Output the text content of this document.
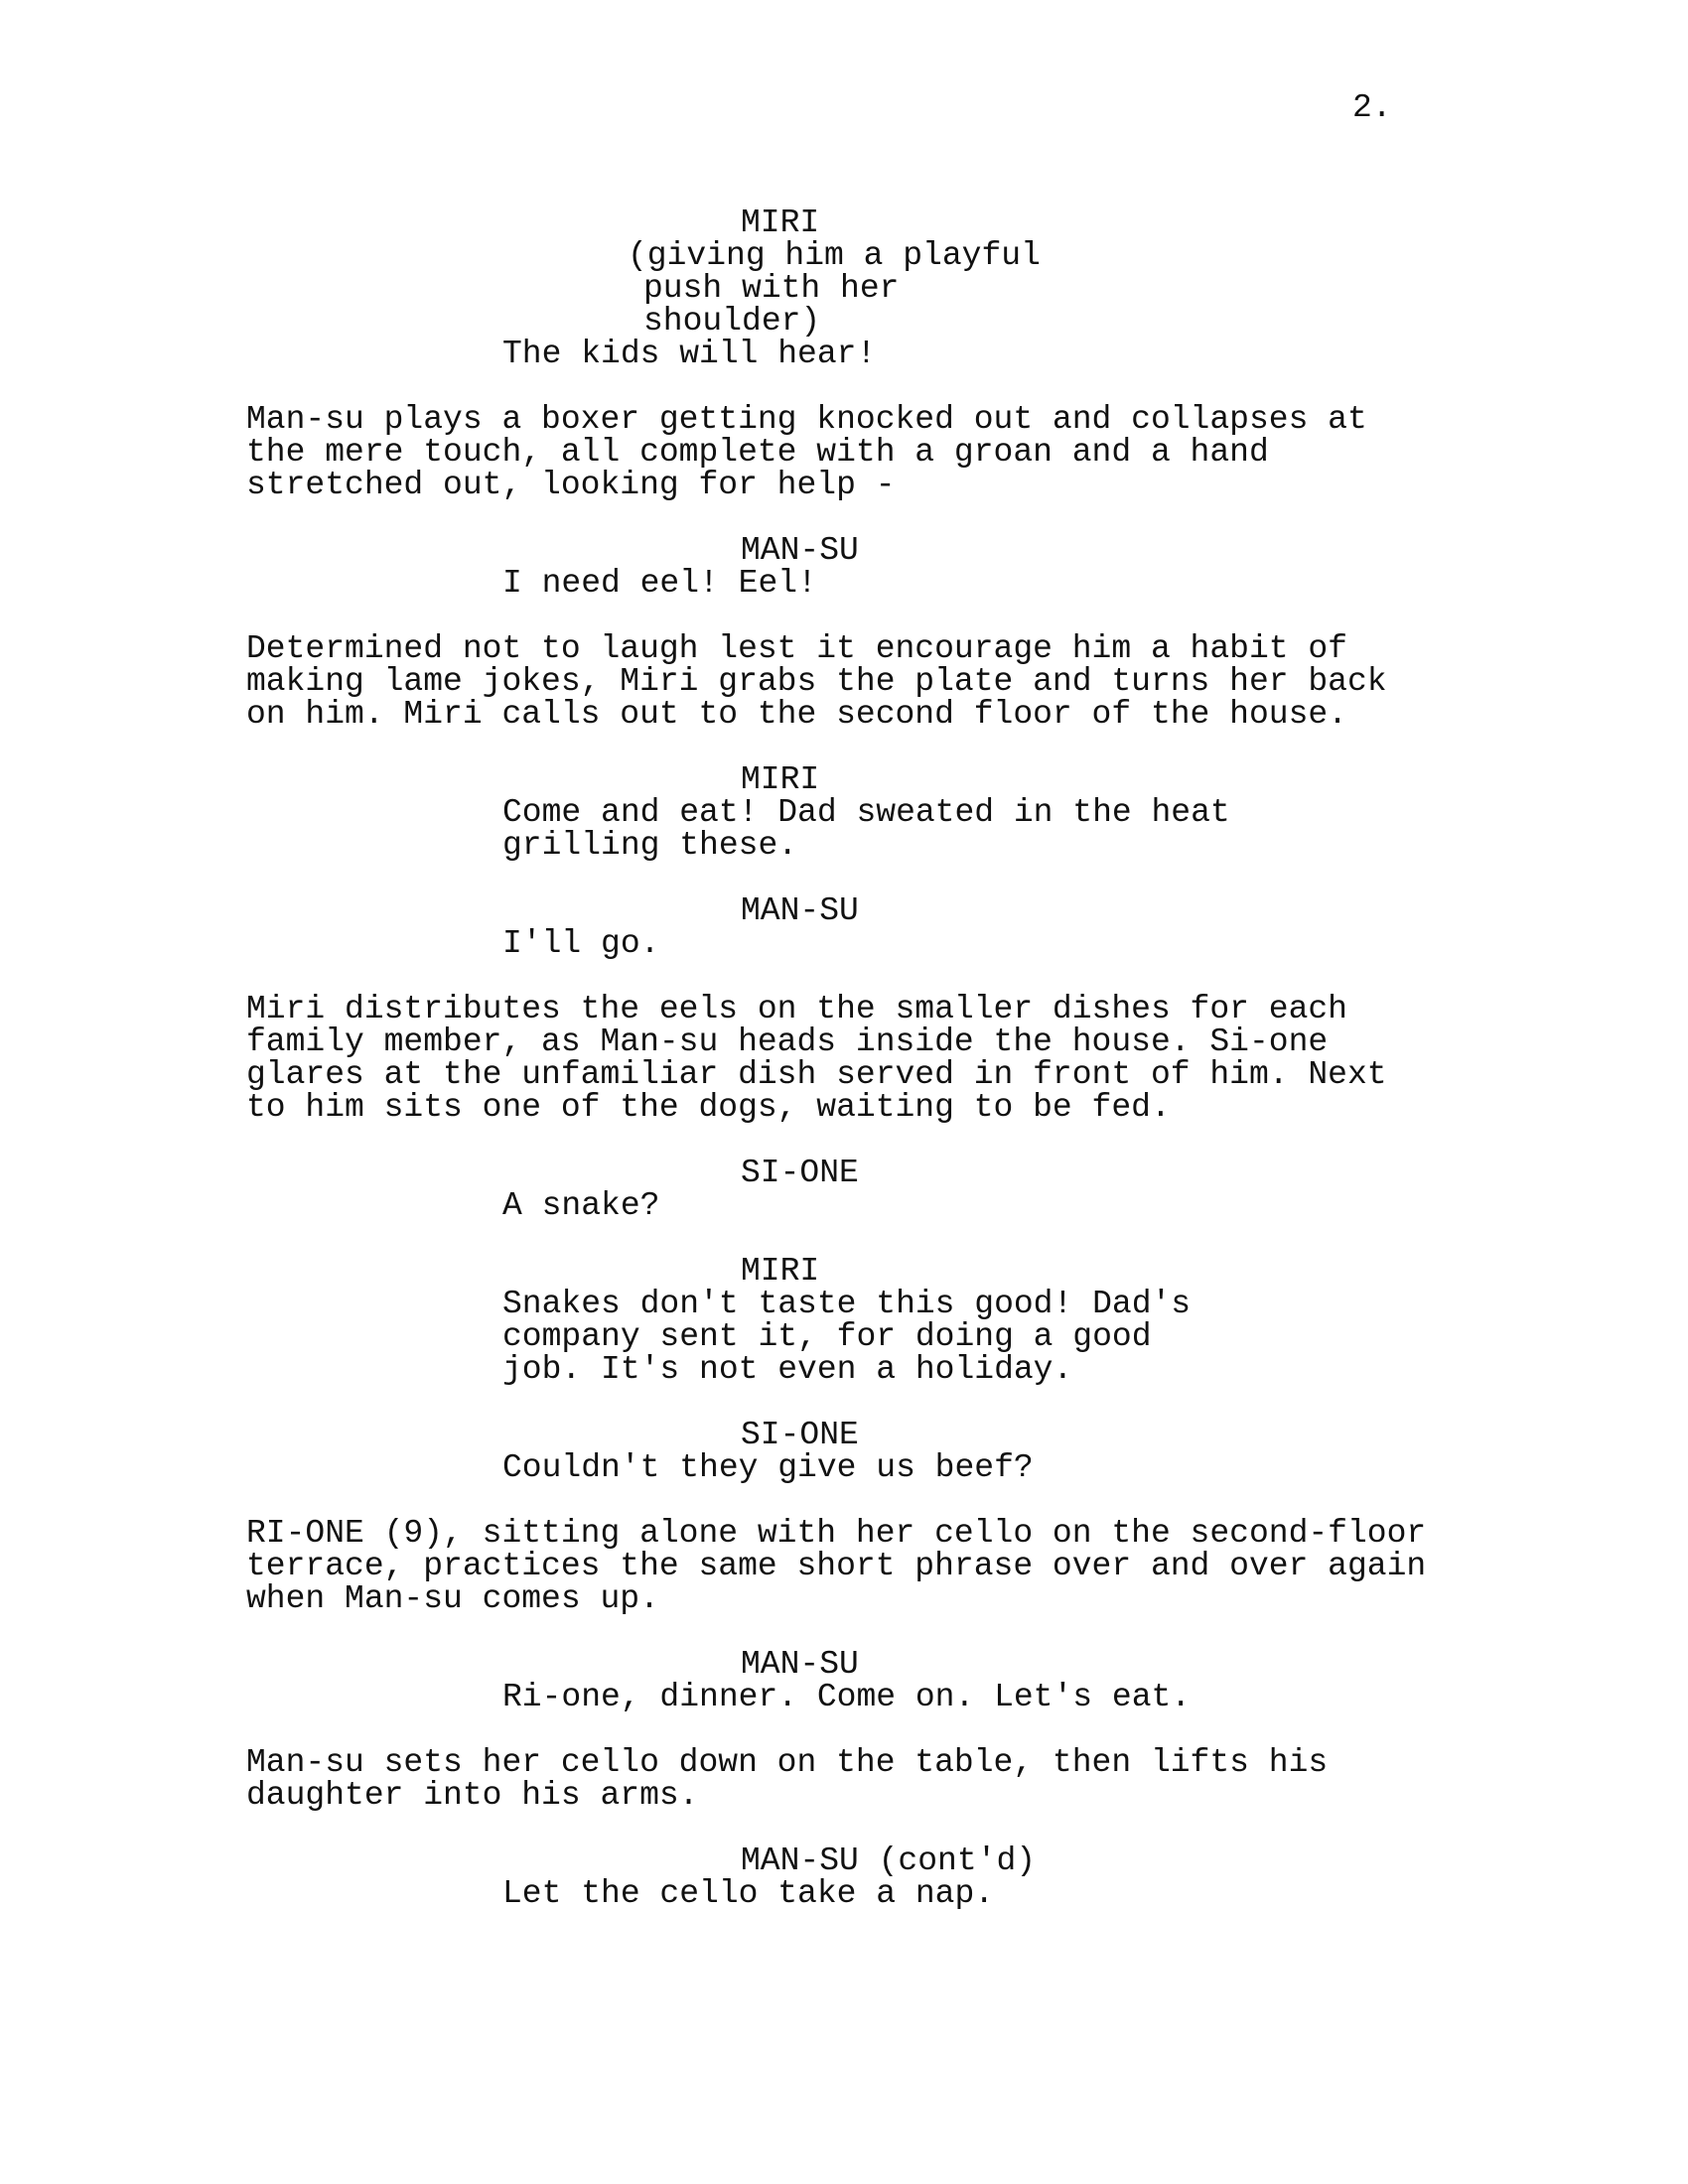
2.
MIRI
(giving him a playful
push with her
shoulder)
The kids will hear!
Man-su plays a boxer getting knocked out and collapses at
the mere touch, all complete with a groan and a hand
stretched out, looking for help -
MAN-SU
I need eel! Eel!
Determined not to laugh lest it encourage him a habit of
making lame jokes, Miri grabs the plate and turns her back
on him. Miri calls out to the second floor of the house.
MIRI
Come and eat! Dad sweated in the heat
grilling these.
MAN-SU
I'll go.
Miri distributes the eels on the smaller dishes for each
family member, as Man-su heads inside the house. Si-one
glares at the unfamiliar dish served in front of him. Next
to him sits one of the dogs, waiting to be fed.
SI-ONE
A snake?
MIRI
Snakes don't taste this good! Dad's
company sent it, for doing a good
job. It's not even a holiday.
SI-ONE
Couldn't they give us beef?
RI-ONE (9), sitting alone with her cello on the second-floor
terrace, practices the same short phrase over and over again
when Man-su comes up.
MAN-SU
Ri-one, dinner. Come on. Let's eat.
Man-su sets her cello down on the table, then lifts his
daughter into his arms.
MAN-SU (cont'd)
Let the cello take a nap.
